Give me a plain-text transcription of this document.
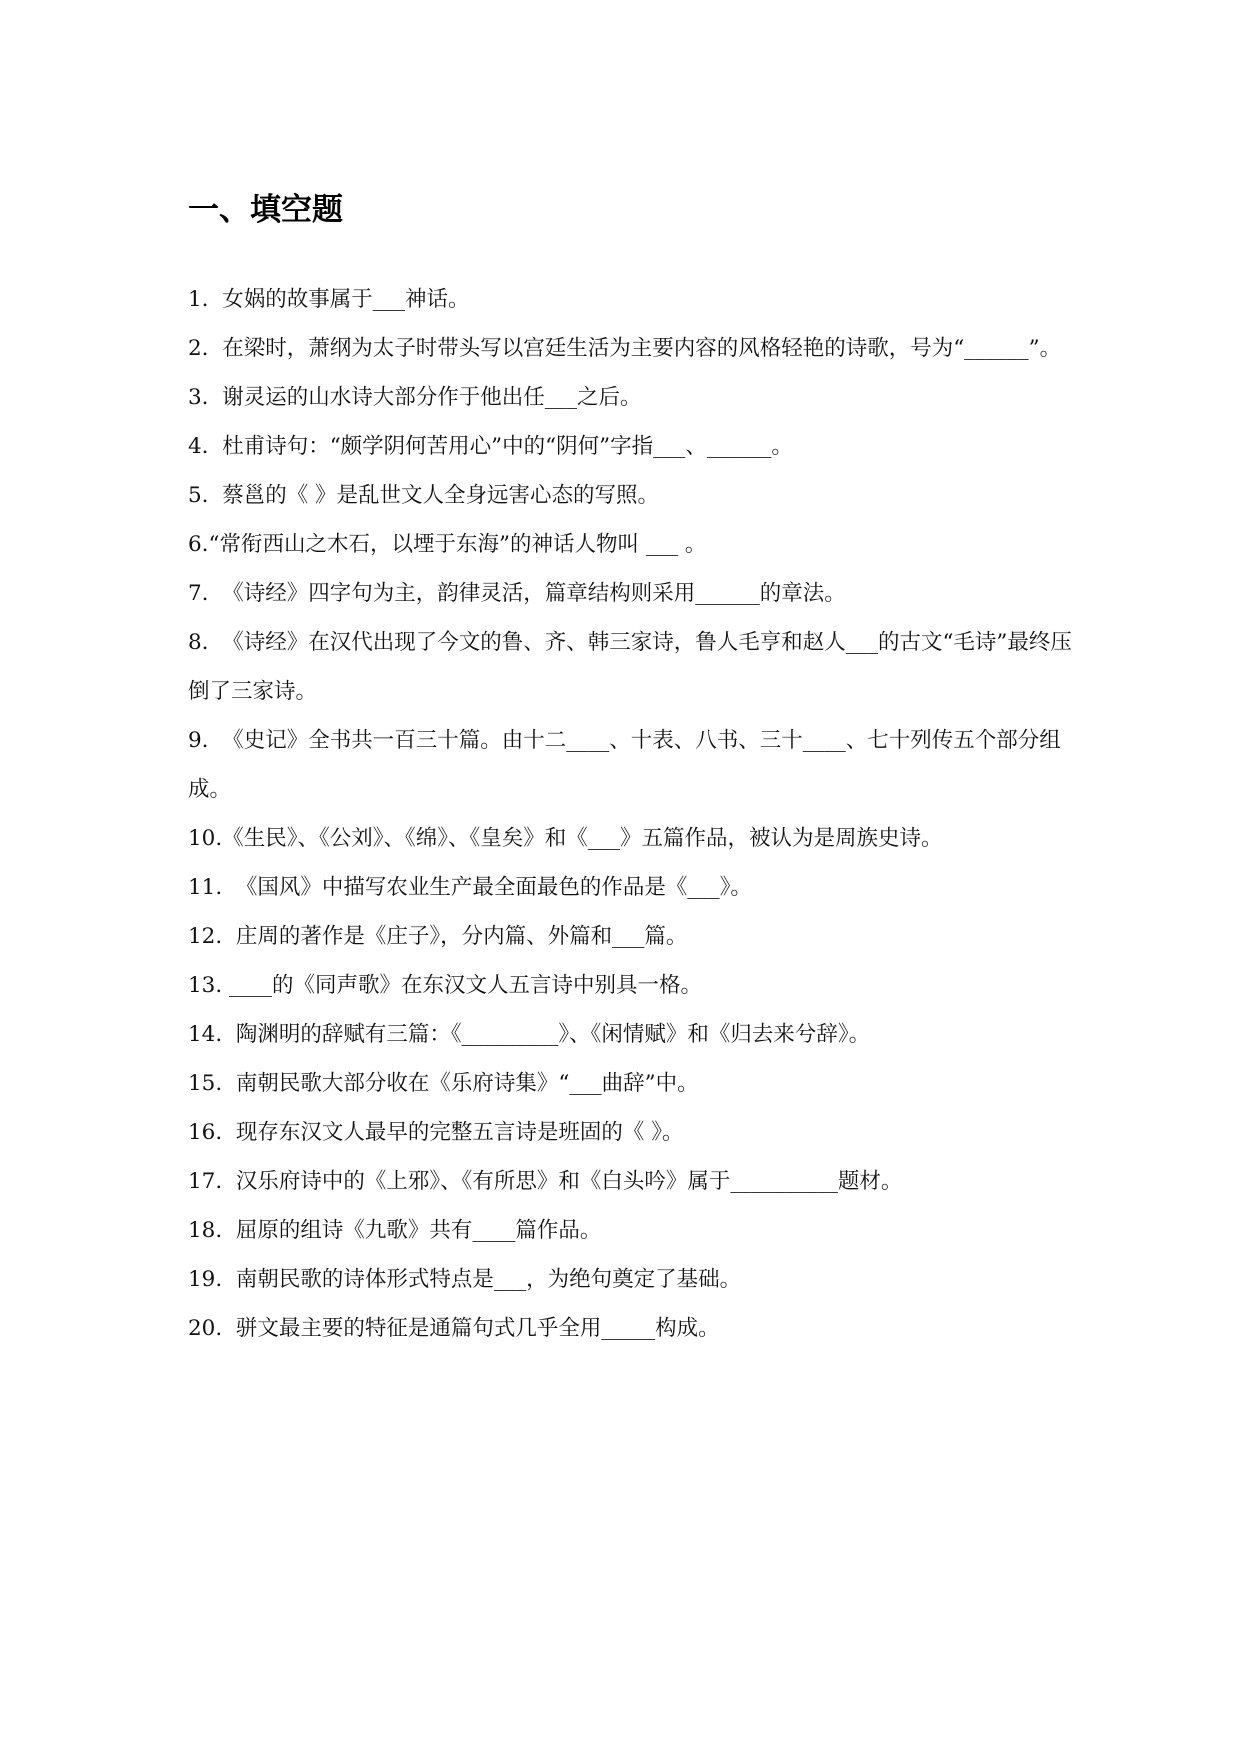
一、填空题
1. 女娲的故事属于___神话。
2. 在梁时，萧纲为太子时带头写以宫廷生活为主要内容的风格轻艳的诗歌，号为“______”。
3. 谢灵运的山水诗大部分作于他出任___之后。
4. 杜甫诗句：“颇学阴何苦用心”中的“阴何”字指___、______。
5. 蔡邕的《 》是乱世文人全身远害心态的写照。
6.“常衔西山之木石，以堙于东海”的神话人物叫 ___ 。
7. 《诗经》四字句为主，韵律灵活，篇章结构则采用______的章法。
8. 《诗经》在汉代出现了今文的鲁、齐、韩三家诗，鲁人毛亨和赵人___的古文“毛诗”最终压倒了三家诗。
9. 《史记》全书共一百三十篇。由十二____、十表、八书、三十____、七十列传五个部分组成。
10.《生民》、《公刘》、《绵》、《皇矣》和《___》五篇作品，被认为是周族史诗。
11. 《国风》中描写农业生产最全面最色的作品是《___》。
12. 庄周的著作是《庄子》，分内篇、外篇和___篇。
13. ____的《同声歌》在东汉文人五言诗中别具一格。
14. 陶渊明的辞赋有三篇：《_________》、《闲情赋》和《归去来兮辞》。
15. 南朝民歌大部分收在《乐府诗集》“___曲辞”中。
16. 现存东汉文人最早的完整五言诗是班固的《 》。
17. 汉乐府诗中的《上邪》、《有所思》和《白头吟》属于__________题材。
18. 屈原的组诗《九歌》共有____篇作品。
19. 南朝民歌的诗体形式特点是___，为绝句奠定了基础。
20. 骈文最主要的特征是通篇句式几乎全用_____构成。
